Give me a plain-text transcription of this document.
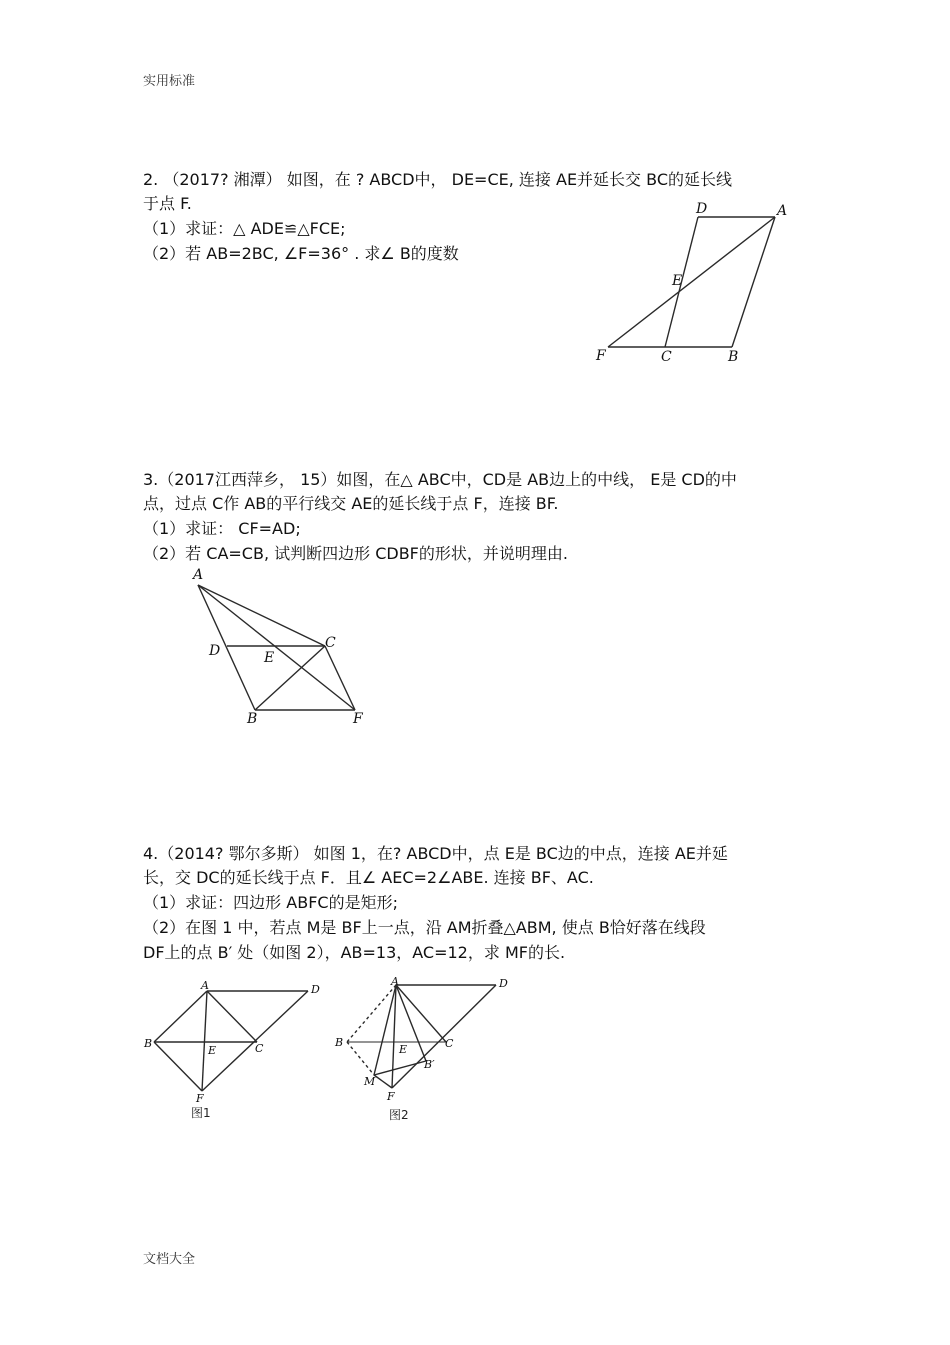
实用标准
2. （2017? 湘潭） 如图，在 ? ABCD中， DE=CE, 连接 AE并延长交 BC的延长线
于点 F.
（1）求证：△ ADE≌△FCE;
（2）若 AB=2BC, ∠F=36° . 求∠ B的度数
D	A
E
F	C	B
3.（2017江西萍乡， 15）如图，在△ ABC中，CD是 AB边上的中线， E是 CD的中
点，过点 C作 AB的平行线交 AE的延长线于点 F，连接 BF.
（1）求证： CF=AD;
（2）若 CA=CB, 试判断四边形 CDBF的形状，并说明理由.
A
D	E
C
B	F
4.（2014? 鄂尔多斯） 如图 1，在? ABCD中，点 E是 BC边的中点，连接 AE并延
长，交 DC的延长线于点 F．且∠ AEC=2∠ABE. 连接 BF、AC.
（1）求证：四边形 ABFC的是矩形;
（2）在图 1 中，若点 M是 BF上一点，沿 AM折叠△ABM, 使点 B恰好落在线段
DF上的点 B′ 处（如图 2），AB=13，AC=12，求 MF的长.
A	D
B
E	C
F
图1
A	D
B
E	C
B′
M
F
图2
文档大全
